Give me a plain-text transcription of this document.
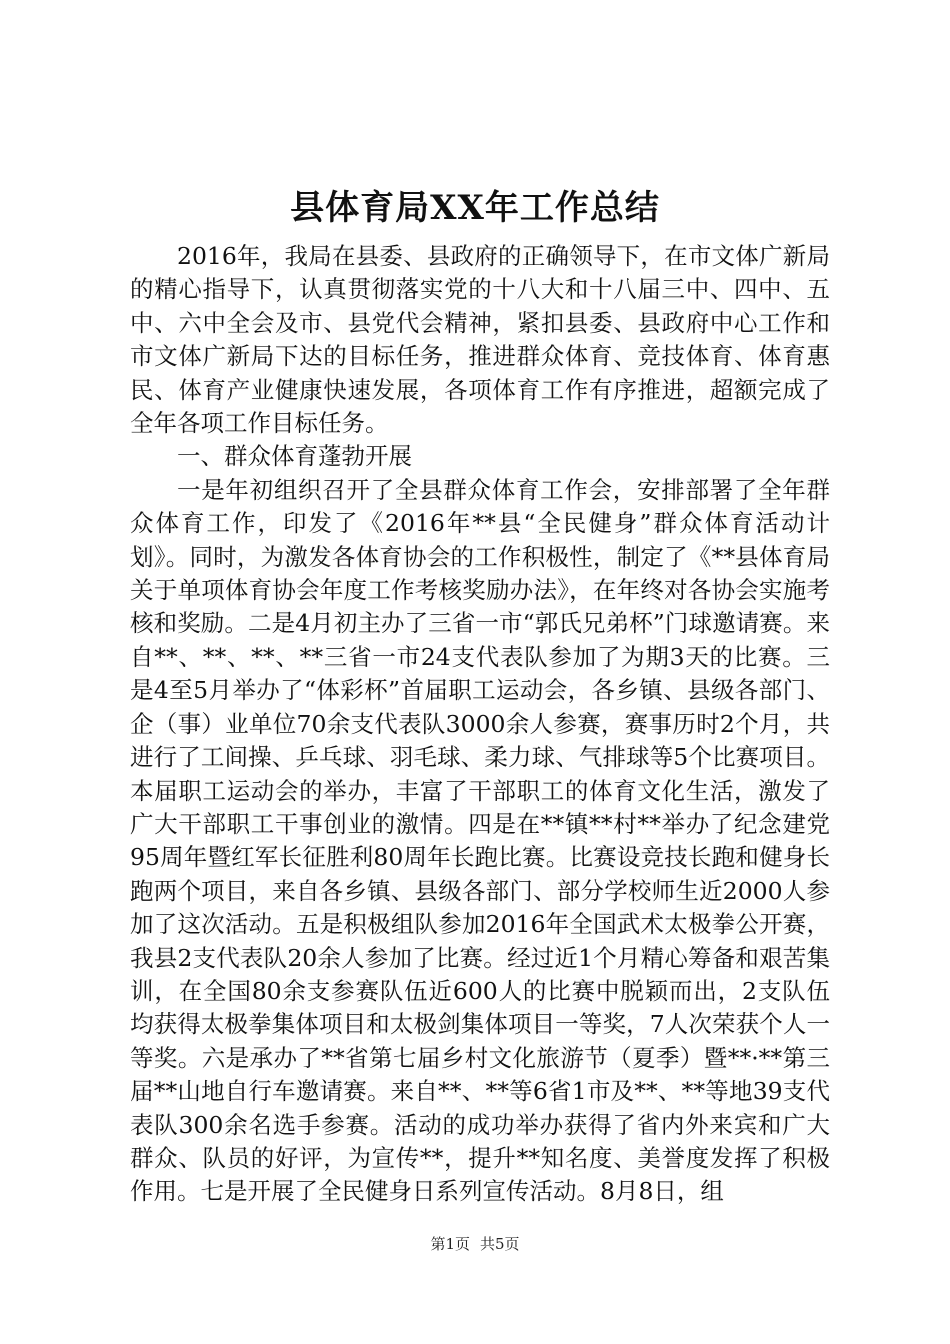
县体育局XX年工作总结

2016年，我局在县委、县政府的正确领导下，在市文体广新局的精心指导下，认真贯彻落实党的十八大和十八届三中、四中、五中、六中全会及市、县党代会精神，紧扣县委、县政府中心工作和市文体广新局下达的目标任务，推进群众体育、竞技体育、体育惠民、体育产业健康快速发展，各项体育工作有序推进，超额完成了全年各项工作目标任务。

一、群众体育蓬勃开展

一是年初组织召开了全县群众体育工作会，安排部署了全年群众体育工作，印发了《2016年**县“全民健身”群众体育活动计划》。同时，为激发各体育协会的工作积极性，制定了《**县体育局关于单项体育协会年度工作考核奖励办法》，在年终对各协会实施考核和奖励。二是4月初主办了三省一市“郭氏兄弟杯”门球邀请赛。来自**、**、**、**三省一市24支代表队参加了为期3天的比赛。三是4至5月举办了“体彩杯”首届职工运动会，各乡镇、县级各部门、企（事）业单位70余支代表队3000余人参赛，赛事历时2个月，共进行了工间操、乒乓球、羽毛球、柔力球、气排球等5个比赛项目。本届职工运动会的举办，丰富了干部职工的体育文化生活，激发了广大干部职工干事创业的激情。四是在**镇**村**举办了纪念建党95周年暨红军长征胜利80周年长跑比赛。比赛设竞技长跑和健身长跑两个项目，来自各乡镇、县级各部门、部分学校师生近2000人参加了这次活动。五是积极组队参加2016年全国武术太极拳公开赛，我县2支代表队20余人参加了比赛。经过近1个月精心筹备和艰苦集训，在全国80余支参赛队伍近600人的比赛中脱颖而出，2支队伍均获得太极拳集体项目和太极剑集体项目一等奖，7人次荣获个人一等奖。六是承办了**省第七届乡村文化旅游节（夏季）暨**·**第三届**山地自行车邀请赛。来自**、**等6省1市及**、**等地39支代表队300余名选手参赛。活动的成功举办获得了省内外来宾和广大群众、队员的好评，为宣传**，提升**知名度、美誉度发挥了积极作用。七是开展了全民健身日系列宣传活动。8月8日，组

第1页 共5页
